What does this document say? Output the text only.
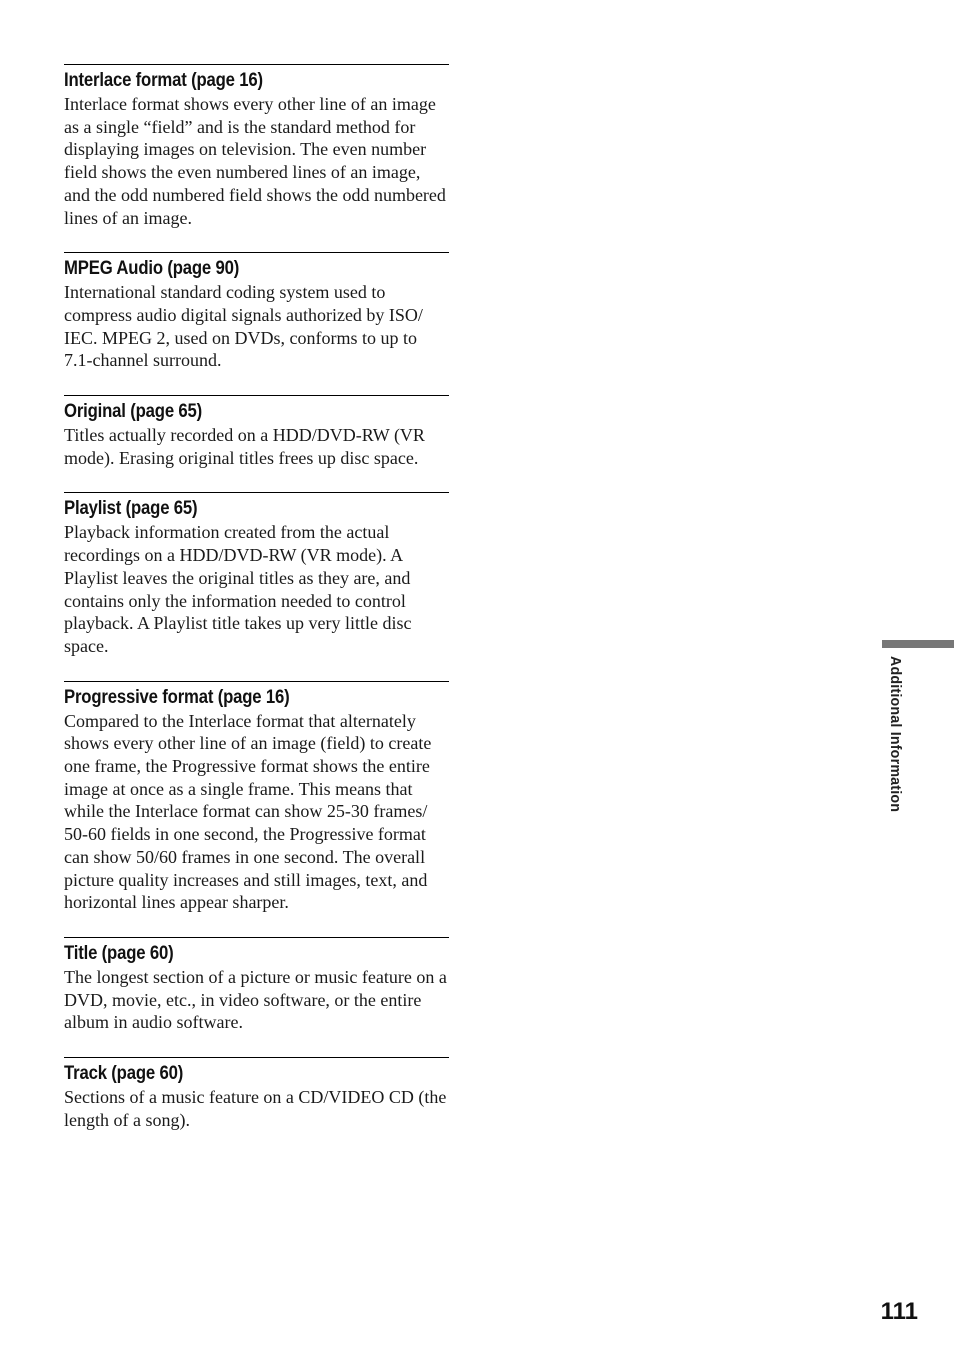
Interlace format (page 16)

Interlace format shows every other line of an image as a single “field” and is the standard method for displaying images on television. The even number field shows the even numbered lines of an image, and the odd numbered field shows the odd numbered lines of an image.

MPEG Audio (page 90)

International standard coding system used to compress audio digital signals authorized by ISO/ IEC. MPEG 2, used on DVDs, conforms to up to 7.1-channel surround.

Original (page 65)

Titles actually recorded on a HDD/DVD-RW (VR mode). Erasing original titles frees up disc space.

Playlist (page 65)

Playback information created from the actual recordings on a HDD/DVD-RW (VR mode). A Playlist leaves the original titles as they are, and contains only the information needed to control playback. A Playlist title takes up very little disc space.

Progressive format (page 16)

Compared to the Interlace format that alternately shows every other line of an image (field) to create one frame, the Progressive format shows the entire image at once as a single frame. This means that while the Interlace format can show 25-30 frames/ 50-60 fields in one second, the Progressive format can show 50/60 frames in one second. The overall picture quality increases and still images, text, and horizontal lines appear sharper.

Title (page 60)

The longest section of a picture or music feature on a DVD, movie, etc., in video software, or the entire album in audio software.

Track (page 60)

Sections of a music feature on a CD/VIDEO CD (the length of a song).

Additional Information
111
